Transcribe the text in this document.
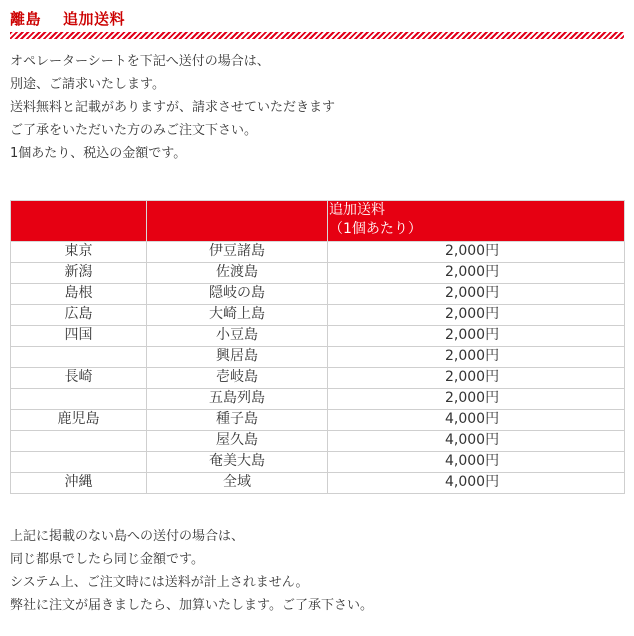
離島 追加送料
オペレーターシートを下記へ送付の場合は、
別途、ご請求いたします。
送料無料と記載がありますが、請求させていただきます
ご了承をいただいた方のみご注文下さい。
1個あたり、税込の金額です。

		追加送料
（1個あたり）

東京	伊豆諸島	2,000円
新潟	佐渡島	2,000円
島根	隠岐の島	2,000円
広島	大崎上島	2,000円
四国	小豆島	2,000円
	興居島	2,000円
長崎	壱岐島	2,000円
	五島列島	2,000円
鹿児島	種子島	4,000円
	屋久島	4,000円
	奄美大島	4,000円
沖縄	全域	4,000円
上記に掲載のない島への送付の場合は、
同じ都県でしたら同じ金額です。
システム上、ご注文時には送料が計上されません。
弊社に注文が届きましたら、加算いたします。ご了承下さい。
